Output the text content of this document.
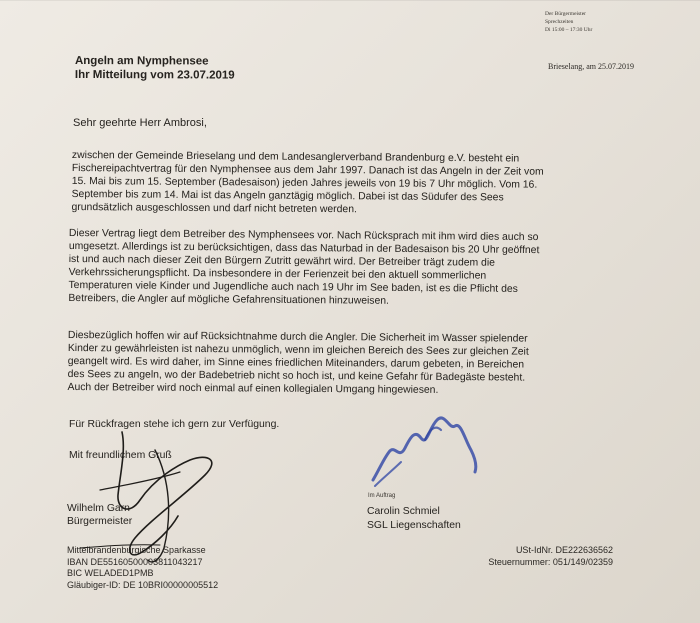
Der Bürgermeister
Sprechzeiten
Di 15:00 – 17:30 Uhr
Brieselang, am 25.07.2019
Angeln am Nymphensee
Ihr Mitteilung vom 23.07.2019
Sehr geehrte Herr Ambrosi,
zwischen der Gemeinde Brieselang und dem Landesanglerverband Brandenburg e.V. besteht ein
Fischereipachtvertrag für den Nymphensee aus dem Jahr 1997. Danach ist das Angeln in der Zeit vom
15. Mai bis zum 15. September (Badesaison) jeden Jahres jeweils von 19 bis 7 Uhr möglich. Vom 16.
September bis zum 14. Mai ist das Angeln ganztägig möglich. Dabei ist das Südufer des Sees
grundsätzlich ausgeschlossen und darf nicht betreten werden.
Dieser Vertrag liegt dem Betreiber des Nymphensees vor. Nach Rücksprach mit ihm wird dies auch so
umgesetzt. Allerdings ist zu berücksichtigen, dass das Naturbad in der Badesaison bis 20 Uhr geöffnet
ist und auch nach dieser Zeit den Bürgern Zutritt gewährt wird. Der Betreiber trägt zudem die
Verkehrssicherungspflicht. Da insbesondere in der Ferienzeit bei den aktuell sommerlichen
Temperaturen viele Kinder und Jugendliche auch nach 19 Uhr im See baden, ist es die Pflicht des
Betreibers, die Angler auf mögliche Gefahrensituationen hinzuweisen.
Diesbezüglich hoffen wir auf Rücksichtnahme durch die Angler. Die Sicherheit im Wasser spielender
Kinder zu gewährleisten ist nahezu unmöglich, wenn im gleichen Bereich des Sees zur gleichen Zeit
geangelt wird. Es wird daher, im Sinne eines friedlichen Miteinanders, darum gebeten, in Bereichen
des Sees zu angeln, wo der Badebetrieb nicht so hoch ist, und keine Gefahr für Badegäste besteht.
Auch der Betreiber wird noch einmal auf einen kollegialen Umgang hingewiesen.
Für Rückfragen stehe ich gern zur Verfügung.
Mit freundlichem Gruß
Wilhelm Garn
Bürgermeister
Im Auftrag
Carolin Schmiel
SGL Liegenschaften
Mittelbrandenburgische Sparkasse
IBAN DE55160500003811043217
BIC WELADED1PMB
Gläubiger-ID: DE 10BRI00000005512
USt-IdNr. DE222636562
Steuernummer: 051/149/02359
